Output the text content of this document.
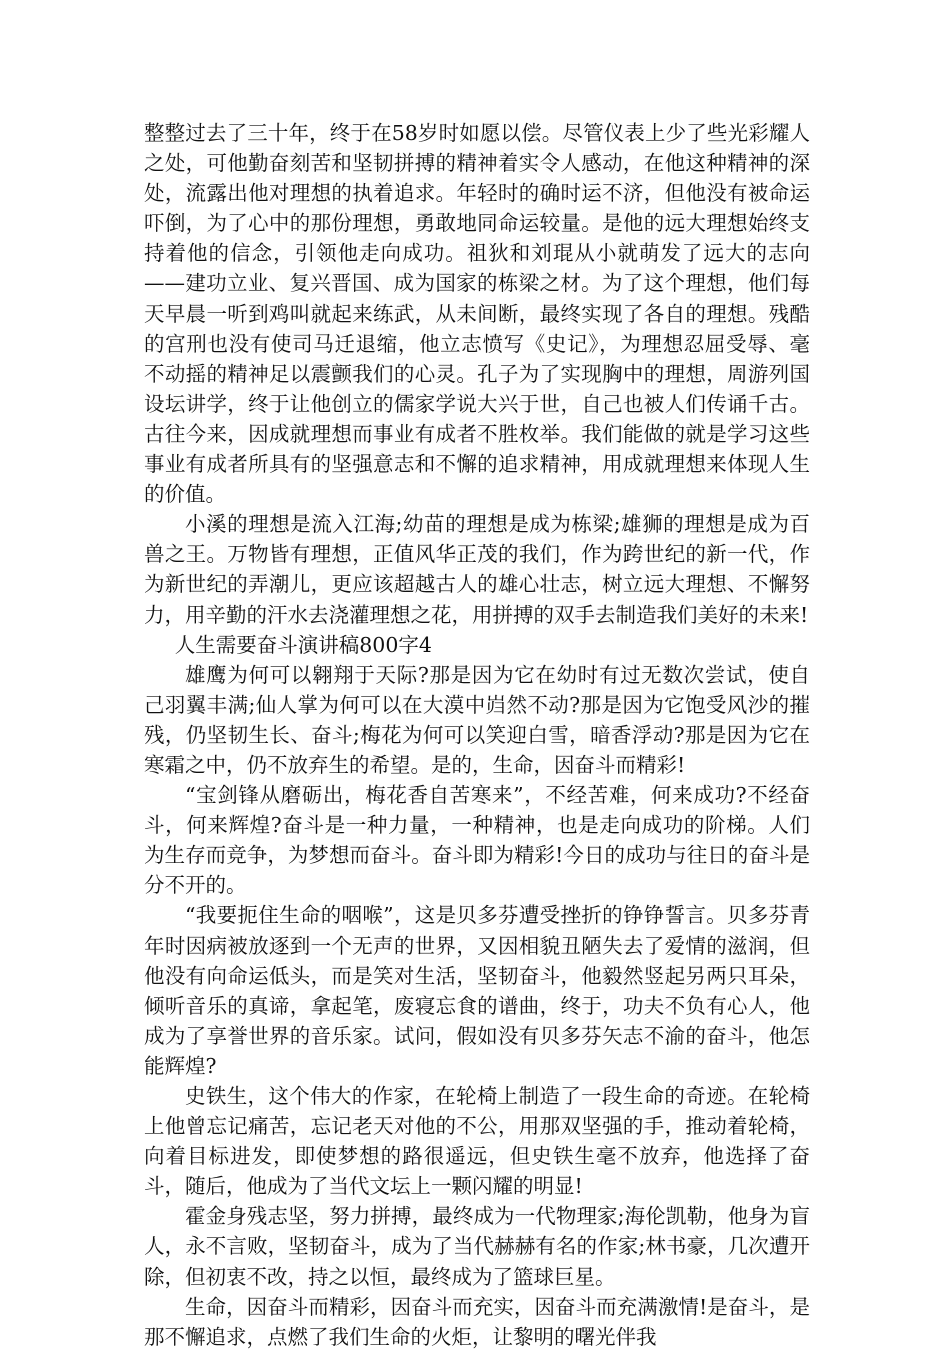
整整过去了三十年，终于在58岁时如愿以偿。尽管仪表上少了些光彩耀人之处，可他勤奋刻苦和坚韧拼搏的精神着实令人感动，在他这种精神的深处，流露出他对理想的执着追求。年轻时的确时运不济，但他没有被命运吓倒，为了心中的那份理想，勇敢地同命运较量。是他的远大理想始终支持着他的信念，引领他走向成功。祖狄和刘琨从小就萌发了远大的志向——建功立业、复兴晋国、成为国家的栋梁之材。为了这个理想，他们每天早晨一听到鸡叫就起来练武，从未间断，最终实现了各自的理想。残酷的宫刑也没有使司马迁退缩，他立志愤写《史记》，为理想忍屈受辱、毫不动摇的精神足以震颤我们的心灵。孔子为了实现胸中的理想，周游列国设坛讲学，终于让他创立的儒家学说大兴于世，自己也被人们传诵千古。古往今来，因成就理想而事业有成者不胜枚举。我们能做的就是学习这些事业有成者所具有的坚强意志和不懈的追求精神，用成就理想来体现人生的价值。

小溪的理想是流入江海;幼苗的理想是成为栋梁;雄狮的理想是成为百兽之王。万物皆有理想，正值风华正茂的我们，作为跨世纪的新一代，作为新世纪的弄潮儿，更应该超越古人的雄心壮志，树立远大理想、不懈努力，用辛勤的汗水去浇灌理想之花，用拼搏的双手去制造我们美好的未来!

人生需要奋斗演讲稿800字4

雄鹰为何可以翱翔于天际?那是因为它在幼时有过无数次尝试，使自己羽翼丰满;仙人掌为何可以在大漠中岿然不动?那是因为它饱受风沙的摧残，仍坚韧生长、奋斗;梅花为何可以笑迎白雪，暗香浮动?那是因为它在寒霜之中，仍不放弃生的希望。是的，生命，因奋斗而精彩!

“宝剑锋从磨砺出，梅花香自苦寒来”，不经苦难，何来成功?不经奋斗，何来辉煌?奋斗是一种力量，一种精神，也是走向成功的阶梯。人们为生存而竞争，为梦想而奋斗。奋斗即为精彩!今日的成功与往日的奋斗是分不开的。

“我要扼住生命的咽喉”，这是贝多芬遭受挫折的铮铮誓言。贝多芬青年时因病被放逐到一个无声的世界，又因相貌丑陋失去了爱情的滋润，但他没有向命运低头，而是笑对生活，坚韧奋斗，他毅然竖起另两只耳朵，倾听音乐的真谛，拿起笔，废寝忘食的谱曲，终于，功夫不负有心人，他成为了享誉世界的音乐家。试问，假如没有贝多芬矢志不渝的奋斗，他怎能辉煌?

史铁生，这个伟大的作家，在轮椅上制造了一段生命的奇迹。在轮椅上他曾忘记痛苦，忘记老天对他的不公，用那双坚强的手，推动着轮椅，向着目标进发，即使梦想的路很遥远，但史铁生毫不放弃，他选择了奋斗，随后，他成为了当代文坛上一颗闪耀的明显!

霍金身残志坚，努力拼搏，最终成为一代物理家;海伦凯勒，他身为盲人，永不言败，坚韧奋斗，成为了当代赫赫有名的作家;林书豪，几次遭开除，但初衷不改，持之以恒，最终成为了篮球巨星。

生命，因奋斗而精彩，因奋斗而充实，因奋斗而充满激情!是奋斗，是那不懈追求，点燃了我们生命的火炬，让黎明的曙光伴我
